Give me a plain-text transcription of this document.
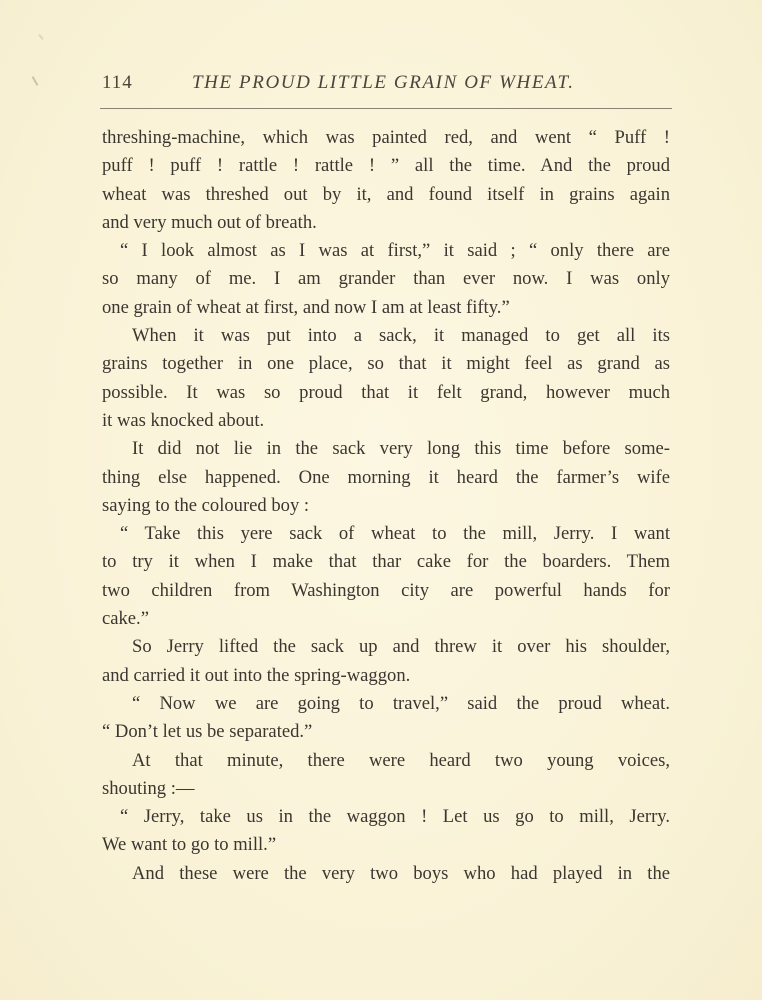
114	THE PROUD LITTLE GRAIN OF WHEAT.
threshing-machine, which was painted red, and went “ Puff !
puff ! puff ! rattle ! rattle ! ” all the time. And the proud
wheat was threshed out by it, and found itself in grains again
and very much out of breath.
“ I look almost as I was at first,” it said ; “ only there are
so many of me. I am grander than ever now. I was only
one grain of wheat at first, and now I am at least fifty.”
When it was put into a sack, it managed to get all its
grains together in one place, so that it might feel as grand as
possible. It was so proud that it felt grand, however much
it was knocked about.
It did not lie in the sack very long this time before some-
thing else happened. One morning it heard the farmer’s wife
saying to the coloured boy :
“ Take this yere sack of wheat to the mill, Jerry. I want
to try it when I make that thar cake for the boarders. Them
two children from Washington city are powerful hands for
cake.”
So Jerry lifted the sack up and threw it over his shoulder,
and carried it out into the spring-waggon.
“ Now we are going to travel,” said the proud wheat.
“ Don’t let us be separated.”
At that minute, there were heard two young voices,
shouting :—
“ Jerry, take us in the waggon ! Let us go to mill, Jerry.
We want to go to mill.”
And these were the very two boys who had played in the
